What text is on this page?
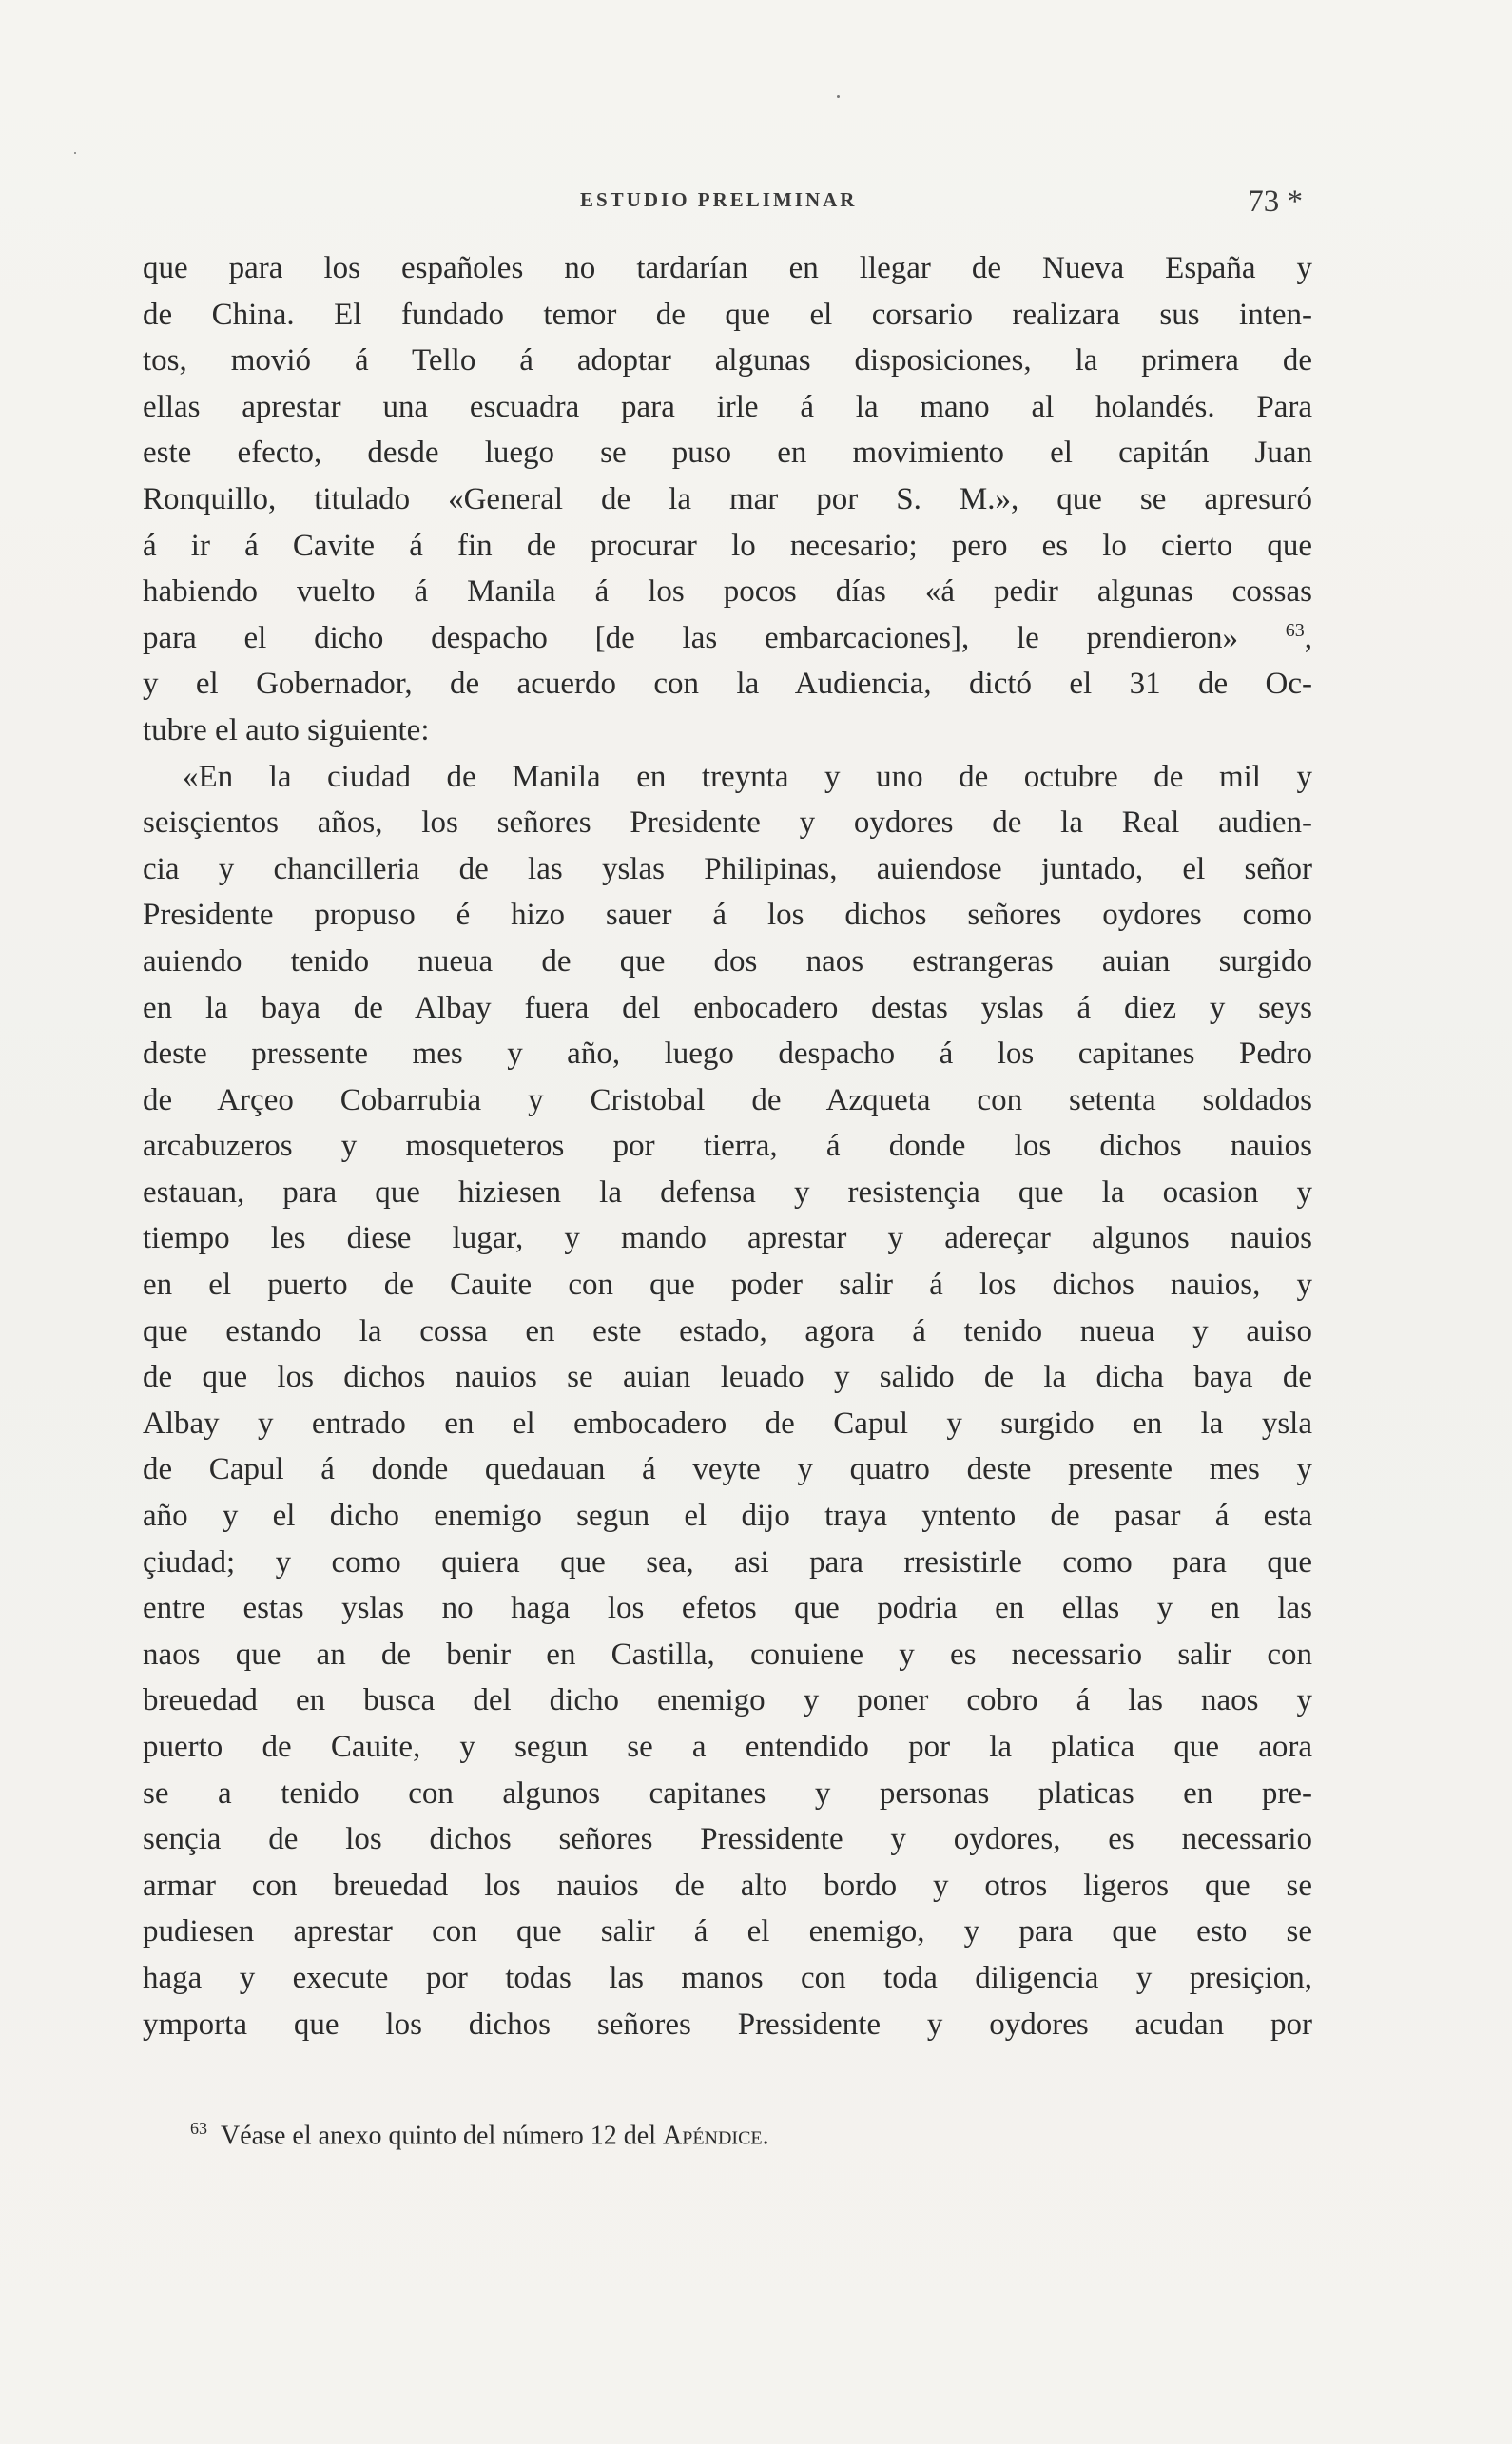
ESTUDIO PRELIMINAR	73 *
que para los españoles no tardarían en llegar de Nueva España y
de China. El fundado temor de que el corsario realizara sus inten-
tos, movió á Tello á adoptar algunas disposiciones, la primera de
ellas aprestar una escuadra para irle á la mano al holandés. Para
este efecto, desde luego se puso en movimiento el capitán Juan
Ronquillo, titulado «General de la mar por S. M.», que se apresuró
á ir á Cavite á fin de procurar lo necesario; pero es lo cierto que
habiendo vuelto á Manila á los pocos días «á pedir algunas cossas
para el dicho despacho [de las embarcaciones], le prendieron» $^{63}$,
y el Gobernador, de acuerdo con la Audiencia, dictó el 31 de Oc-
tubre el auto siguiente:
«En la ciudad de Manila en treynta y uno de octubre de mil y
seisçientos años, los señores Presidente y oydores de la Real audien-
cia y chancilleria de las yslas Philipinas, auiendose juntado, el señor
Presidente propuso é hizo sauer á los dichos señores oydores como
auiendo tenido nueua de que dos naos estrangeras auian surgido
en la baya de Albay fuera del enbocadero destas yslas á diez y seys
deste pressente mes y año, luego despacho á los capitanes Pedro
de Arçeo Cobarrubia y Cristobal de Azqueta con setenta soldados
arcabuzeros y mosqueteros por tierra, á donde los dichos nauios
estauan, para que hiziesen la defensa y resistençia que la ocasion y
tiempo les diese lugar, y mando aprestar y adereçar algunos nauios
en el puerto de Cauite con que poder salir á los dichos nauios, y
que estando la cossa en este estado, agora á tenido nueua y auiso
de que los dichos nauios se auian leuado y salido de la dicha baya de
Albay y entrado en el embocadero de Capul y surgido en la ysla
de Capul á donde quedauan á veyte y quatro deste presente mes y
año y el dicho enemigo segun el dijo traya yntento de pasar á esta
çiudad; y como quiera que sea, asi para rresistirle como para que
entre estas yslas no haga los efetos que podria en ellas y en las
naos que an de benir en Castilla, conuiene y es necessario salir con
breuedad en busca del dicho enemigo y poner cobro á las naos y
puerto de Cauite, y segun se a entendido por la platica que aora
se a tenido con algunos capitanes y personas platicas en pre-
sençia de los dichos señores Pressidente y oydores, es necessario
armar con breuedad los nauios de alto bordo y otros ligeros que se
pudiesen aprestar con que salir á el enemigo, y para que esto se
haga y execute por todas las manos con toda diligencia y presiçion,
ymporta que los dichos señores Pressidente y oydores acudan por
$^{63}$ Véase el anexo quinto del número 12 del Apéndice.
